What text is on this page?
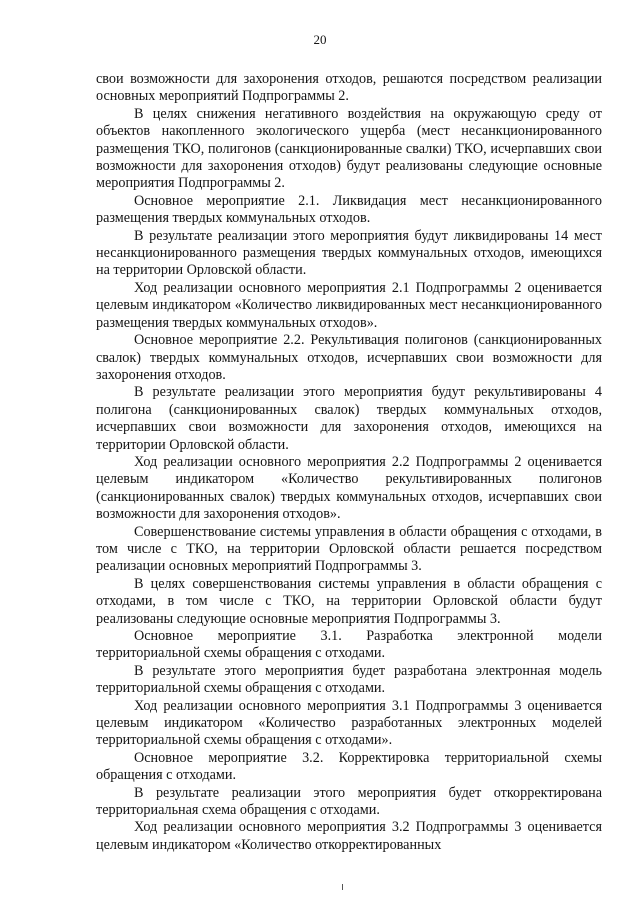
20

свои возможности для захоронения отходов, решаются посредством реализации основных мероприятий Подпрограммы 2.

В целях снижения негативного воздействия на окружающую среду от объектов накопленного экологического ущерба (мест несанкционированного размещения ТКО, полигонов (санкционированные свалки) ТКО, исчерпавших свои возможности для захоронения отходов) будут реализованы следующие основные мероприятия Подпрограммы 2.

Основное мероприятие 2.1. Ликвидация мест несанкционированного размещения твердых коммунальных отходов.

В результате реализации этого мероприятия будут ликвидированы 14 мест несанкционированного размещения твердых коммунальных отходов, имеющихся на территории Орловской области.

Ход реализации основного мероприятия 2.1 Подпрограммы 2 оценивается целевым индикатором «Количество ликвидированных мест несанкционированного размещения твердых коммунальных отходов».

Основное мероприятие 2.2. Рекультивация полигонов (санкционированных свалок) твердых коммунальных отходов, исчерпавших свои возможности для захоронения отходов.

В результате реализации этого мероприятия будут рекультивированы 4 полигона (санкционированных свалок) твердых коммунальных отходов, исчерпавших свои возможности для захоронения отходов, имеющихся на территории Орловской области.

Ход реализации основного мероприятия 2.2 Подпрограммы 2 оценивается целевым индикатором «Количество рекультивированных полигонов (санкционированных свалок) твердых коммунальных отходов, исчерпавших свои возможности для захоронения отходов».

Совершенствование системы управления в области обращения с отходами, в том числе с ТКО, на территории Орловской области решается посредством реализации основных мероприятий Подпрограммы 3.

В целях совершенствования системы управления в области обращения с отходами, в том числе с ТКО, на территории Орловской области будут реализованы следующие основные мероприятия Подпрограммы 3.

Основное мероприятие 3.1. Разработка электронной модели территориальной схемы обращения с отходами.

В результате этого мероприятия будет разработана электронная модель территориальной схемы обращения с отходами.

Ход реализации основного мероприятия 3.1 Подпрограммы 3 оценивается целевым индикатором «Количество разработанных электронных моделей территориальной схемы обращения с отходами».

Основное мероприятие 3.2. Корректировка территориальной схемы обращения с отходами.

В результате реализации этого мероприятия будет откорректирована территориальная схема обращения с отходами.

Ход реализации основного мероприятия 3.2 Подпрограммы 3 оценивается целевым индикатором «Количество откорректированных
